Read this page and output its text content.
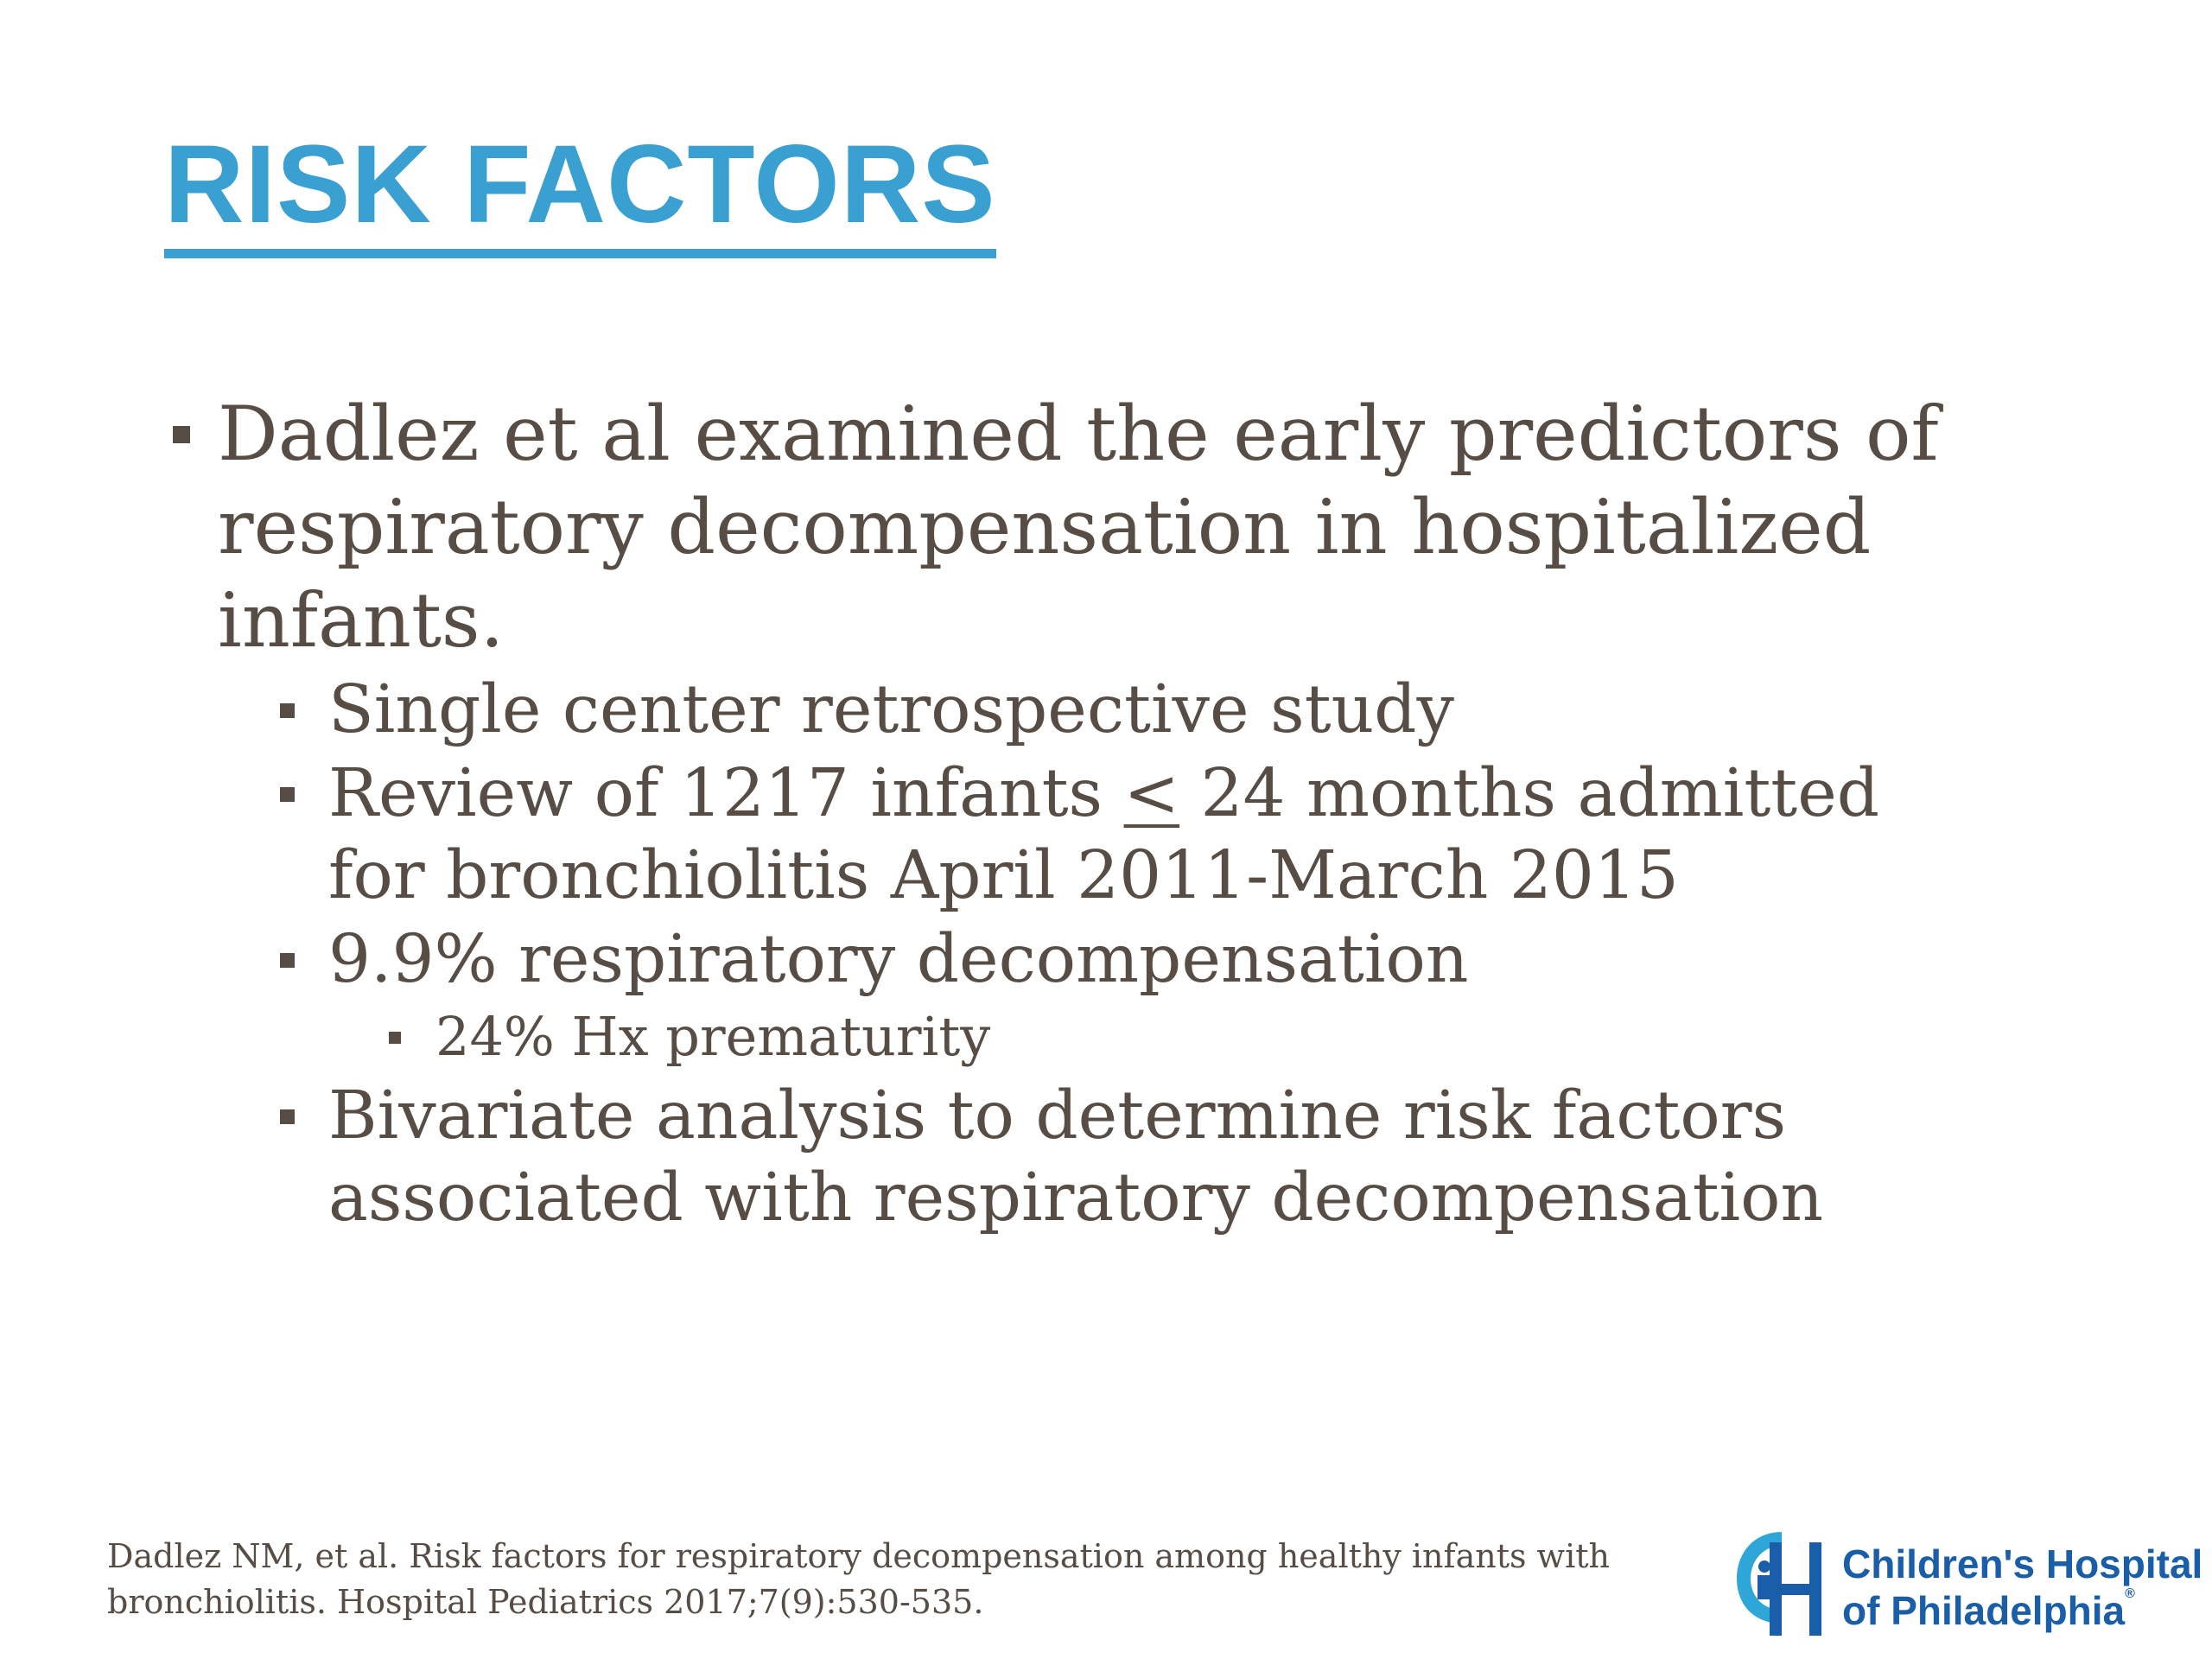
RISK FACTORS
Dadlez et al examined the early predictors of respiratory decompensation in hospitalized infants.
Single center retrospective study
Review of 1217 infants ≤ 24 months admitted for bronchiolitis April 2011-March 2015
9.9% respiratory decompensation
24% Hx prematurity
Bivariate analysis to determine risk factors associated with respiratory decompensation
Dadlez NM, et al. Risk factors for respiratory decompensation among healthy infants with bronchiolitis. Hospital Pediatrics 2017;7(9):530-535.
Children's Hospital
of Philadelphia®
